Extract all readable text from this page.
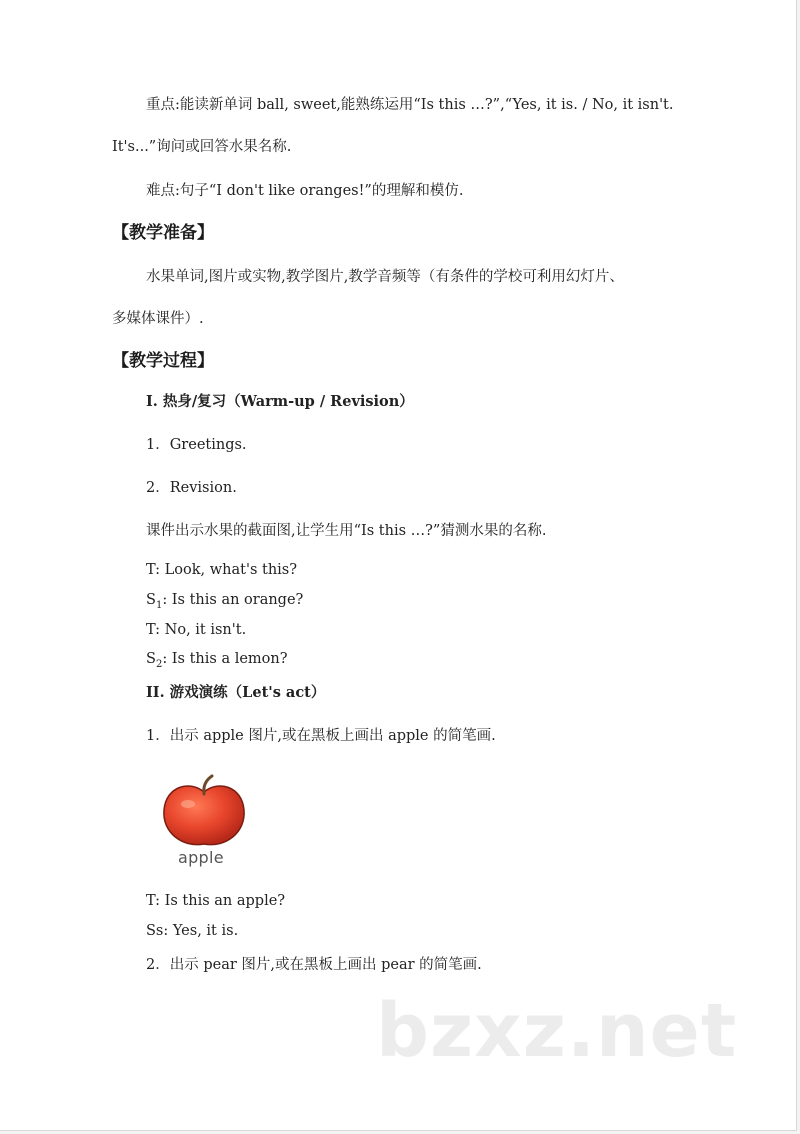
重点:能读新单词 ball, sweet,能熟练运用“Is this …?”,“Yes, it is. / No, it isn't.
It's...”询问或回答水果名称.
难点:句子“I don't like oranges!”的理解和模仿.
【教学准备】
水果单词,图片或实物,教学图片,教学音频等（有条件的学校可利用幻灯片、
多媒体课件）.
【教学过程】
I. 热身/复习（Warm-up / Revision）
1．Greetings.
2．Revision.
课件出示水果的截面图,让学生用“Is this …?”猜测水果的名称.
T: Look, what's this?
$S_1$: Is this an orange?
T: No, it isn't.
$S_2$: Is this a lemon?
II. 游戏演练（Let's act）
1．出示 apple 图片,或在黑板上画出 apple 的简笔画.
apple
T: Is this an apple?
Ss: Yes, it is.
2．出示 pear 图片,或在黑板上画出 pear 的简笔画.
bzxz.net
